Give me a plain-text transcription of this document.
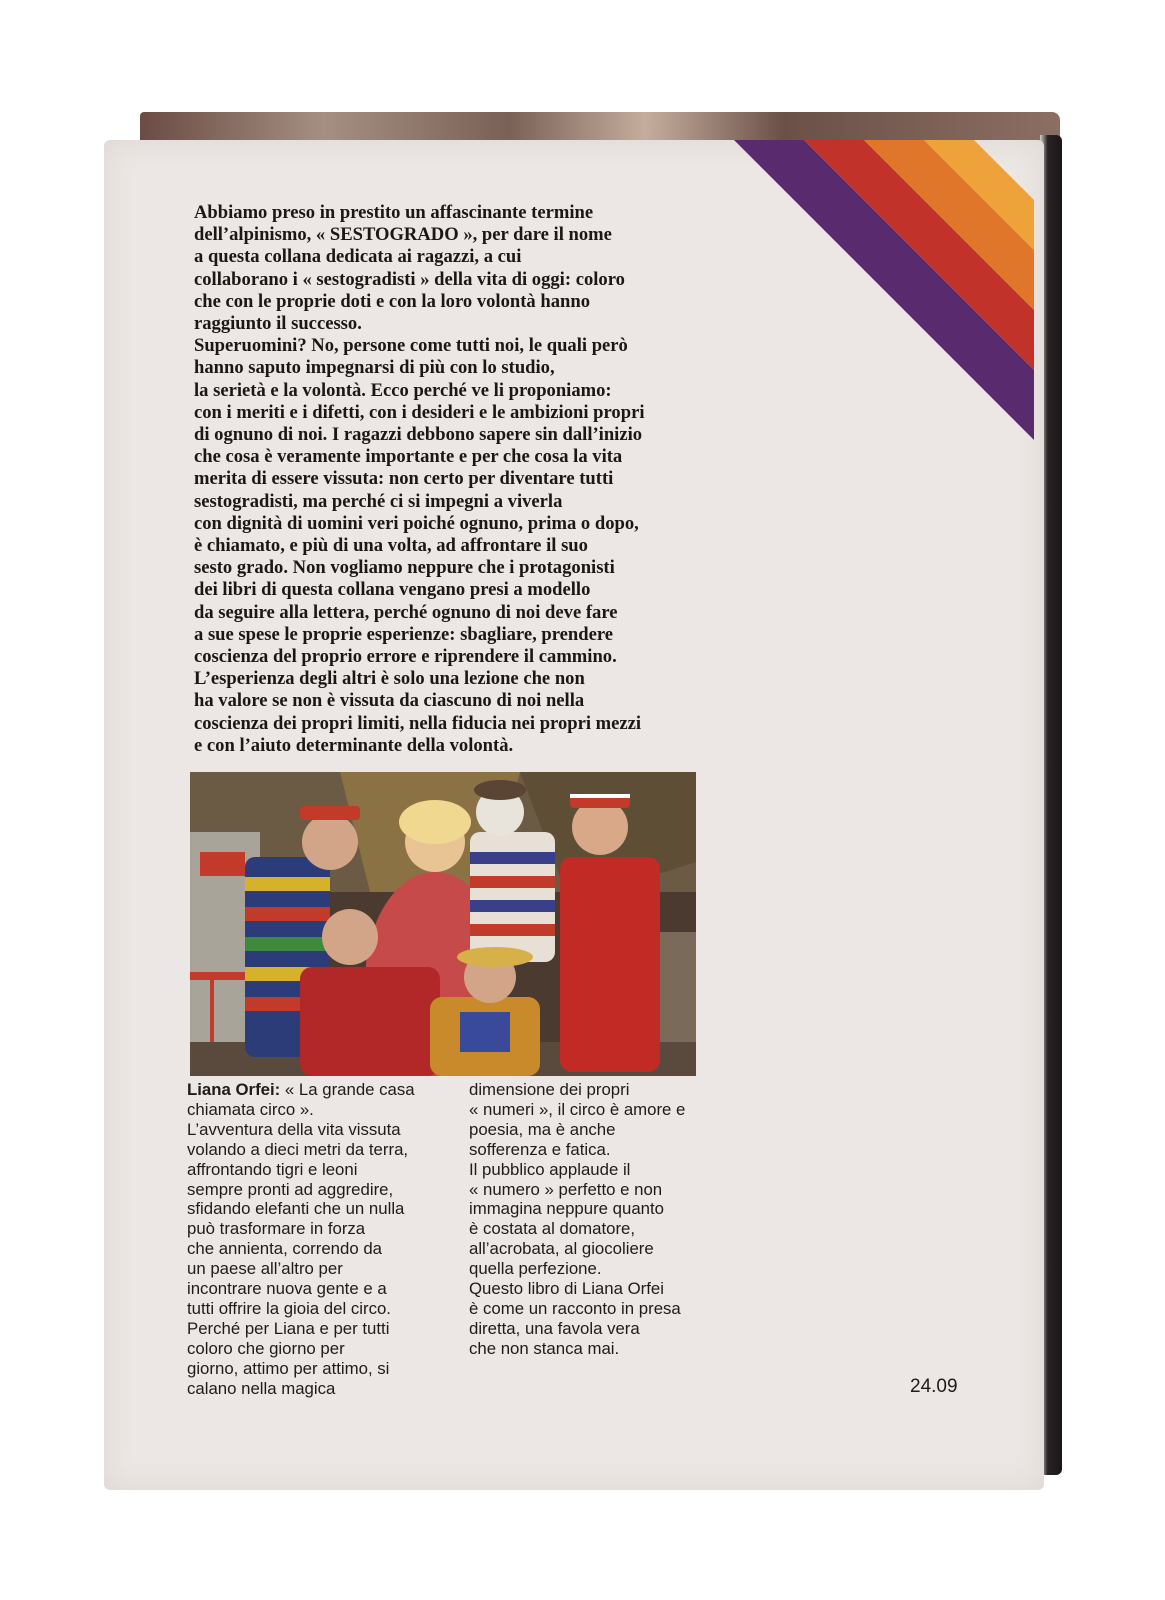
Abbiamo preso in prestito un affascinante termine

dell’alpinismo, « SESTOGRADO », per dare il nome

a questa collana dedicata ai ragazzi, a cui

collaborano i « sestogradisti » della vita di oggi: coloro

che con le proprie doti e con la loro volontà hanno

raggiunto il successo.

Superuomini? No, persone come tutti noi, le quali però

hanno saputo impegnarsi di più con lo studio,

la serietà e la volontà. Ecco perché ve li proponiamo:

con i meriti e i difetti, con i desideri e le ambizioni propri

di ognuno di noi. I ragazzi debbono sapere sin dall’inizio

che cosa è veramente importante e per che cosa la vita

merita di essere vissuta: non certo per diventare tutti

sestogradisti, ma perché ci si impegni a viverla

con dignità di uomini veri poiché ognuno, prima o dopo,

è chiamato, e più di una volta, ad affrontare il suo

sesto grado. Non vogliamo neppure che i protagonisti

dei libri di questa collana vengano presi a modello

da seguire alla lettera, perché ognuno di noi deve fare

a sue spese le proprie esperienze: sbagliare, prendere

coscienza del proprio errore e riprendere il cammino.

L’esperienza degli altri è solo una lezione che non

ha valore se non è vissuta da ciascuno di noi nella

coscienza dei propri limiti, nella fiducia nei propri mezzi

e con l’aiuto determinante della volontà.

Liana Orfei: « La grande casa

chiamata circo ».

L’avventura della vita vissuta

volando a dieci metri da terra,

affrontando tigri e leoni

sempre pronti ad aggredire,

sfidando elefanti che un nulla

può trasformare in forza

che annienta, correndo da

un paese all’altro per

incontrare nuova gente e a

tutti offrire la gioia del circo.

Perché per Liana e per tutti

coloro che giorno per

giorno, attimo per attimo, si

calano nella magica

dimensione dei propri

« numeri », il circo è amore e

poesia, ma è anche

sofferenza e fatica.

Il pubblico applaude il

« numero » perfetto e non

immagina neppure quanto

è costata al domatore,

all’acrobata, al giocoliere

quella perfezione.

Questo libro di Liana Orfei

è come un racconto in presa

diretta, una favola vera

che non stanca mai.

24.09
